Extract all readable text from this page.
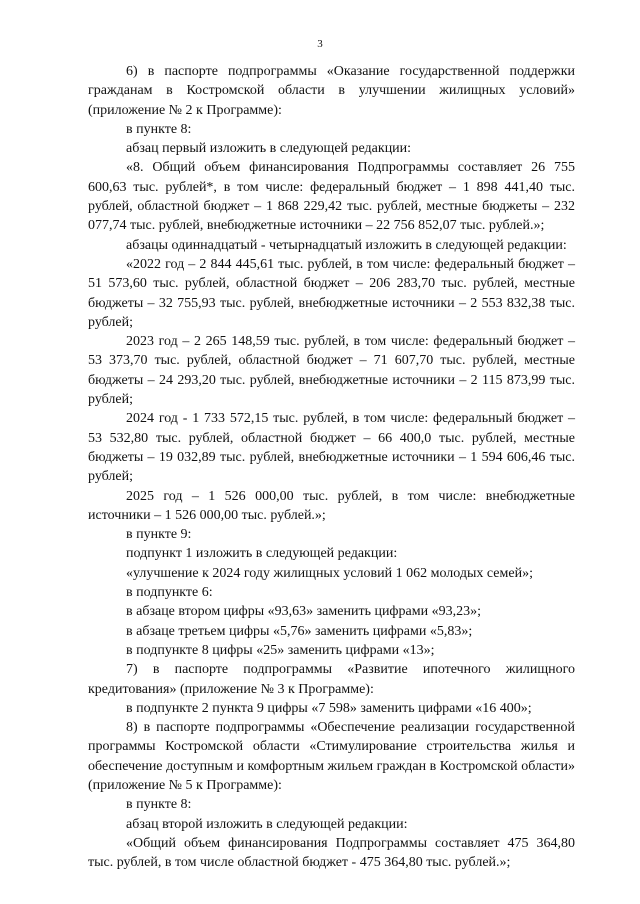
3

6) в паспорте подпрограммы «Оказание государственной поддержки гражданам в Костромской области в улучшении жилищных условий» (приложение № 2 к Программе):

в пункте 8:

абзац первый изложить в следующей редакции:

«8. Общий объем финансирования Подпрограммы составляет 26 755 600,63 тыс. рублей*, в том числе: федеральный бюджет – 1 898 441,40 тыс. рублей, областной бюджет – 1 868 229,42 тыс. рублей, местные бюджеты – 232 077,74 тыс. рублей, внебюджетные источники – 22 756 852,07 тыс. рублей.»;

абзацы одиннадцатый - четырнадцатый изложить в следующей редакции:

«2022 год – 2 844 445,61 тыс. рублей, в том числе: федеральный бюджет – 51 573,60 тыс. рублей, областной бюджет – 206 283,70 тыс. рублей, местные бюджеты – 32 755,93 тыс. рублей, внебюджетные источники – 2 553 832,38 тыс. рублей;

2023 год – 2 265 148,59 тыс. рублей, в том числе: федеральный бюджет – 53 373,70 тыс. рублей, областной бюджет – 71 607,70 тыс. рублей, местные бюджеты – 24 293,20 тыс. рублей, внебюджетные источники – 2 115 873,99 тыс. рублей;

2024 год - 1 733 572,15 тыс. рублей, в том числе: федеральный бюджет – 53 532,80 тыс. рублей, областной бюджет – 66 400,0 тыс. рублей, местные бюджеты – 19 032,89 тыс. рублей, внебюджетные источники – 1 594 606,46 тыс. рублей;

2025 год – 1 526 000,00 тыс. рублей, в том числе: внебюджетные источники – 1 526 000,00 тыс. рублей.»;

в пункте 9:

подпункт 1 изложить в следующей редакции:

«улучшение к 2024 году жилищных условий 1 062 молодых семей»;

в подпункте 6:

в абзаце втором цифры «93,63» заменить цифрами «93,23»;

в абзаце третьем цифры «5,76» заменить цифрами «5,83»;

в подпункте 8 цифры «25» заменить цифрами «13»;

7) в паспорте подпрограммы «Развитие ипотечного жилищного кредитования» (приложение № 3 к Программе):

в подпункте 2 пункта 9 цифры «7 598» заменить цифрами «16 400»;

8) в паспорте подпрограммы «Обеспечение реализации государственной программы Костромской области «Стимулирование строительства жилья и обеспечение доступным и комфортным жильем граждан в Костромской области» (приложение № 5 к Программе):

в пункте 8:

абзац второй изложить в следующей редакции:

«Общий объем финансирования Подпрограммы составляет 475 364,80 тыс. рублей, в том числе областной бюджет - 475 364,80 тыс. рублей.»;
